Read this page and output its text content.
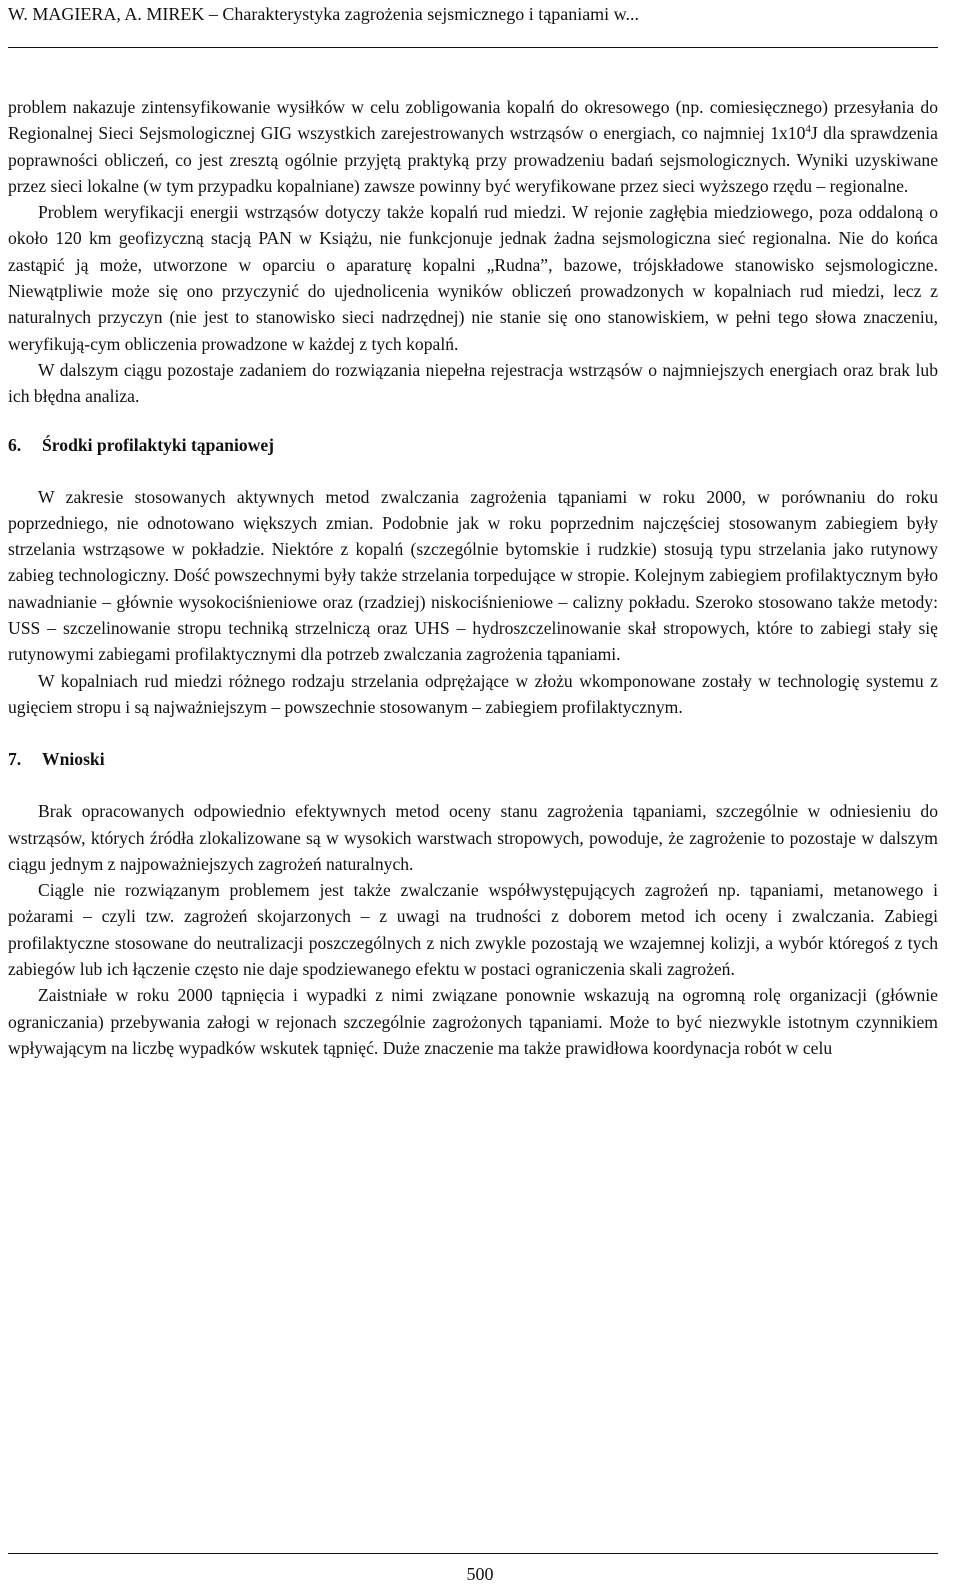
W. MAGIERA, A. MIREK – Charakterystyka zagrożenia sejsmicznego i tąpaniami w...

problem nakazuje zintensyfikowanie wysiłków w celu zobligowania kopalń do okresowego (np. comiesięcznego) przesyłania do Regionalnej Sieci Sejsmologicznej GIG wszystkich zarejestrowanych wstrząsów o energiach, co najmniej $1x10^4J$ dla sprawdzenia poprawności obliczeń, co jest zresztą ogólnie przyjętą praktyką przy prowadzeniu badań sejsmologicznych. Wyniki uzyskiwane przez sieci lokalne (w tym przypadku kopalniane) zawsze powinny być weryfikowane przez sieci wyższego rzędu – regionalne.

Problem weryfikacji energii wstrząsów dotyczy także kopalń rud miedzi. W rejonie zagłębia miedziowego, poza oddaloną o około 120 km geofizyczną stacją PAN w Książu, nie funkcjonuje jednak żadna sejsmologiczna sieć regionalna. Nie do końca zastąpić ją może, utworzone w oparciu o aparaturę kopalni „Rudna”, bazowe, trójskładowe stanowisko sejsmologiczne. Niewątpliwie może się ono przyczynić do ujednolicenia wyników obliczeń prowadzonych w kopalniach rud miedzi, lecz z naturalnych przyczyn (nie jest to stanowisko sieci nadrzędnej) nie stanie się ono stanowiskiem, w pełni tego słowa znaczeniu, weryfikują-cym obliczenia prowadzone w każdej z tych kopalń.

W dalszym ciągu pozostaje zadaniem do rozwiązania niepełna rejestracja wstrząsów o najmniejszych energiach oraz brak lub ich błędna analiza.

6. Środki profilaktyki tąpaniowej

W zakresie stosowanych aktywnych metod zwalczania zagrożenia tąpaniami w roku 2000, w porównaniu do roku poprzedniego, nie odnotowano większych zmian. Podobnie jak w roku poprzednim najczęściej stosowanym zabiegiem były strzelania wstrząsowe w pokładzie. Niektóre z kopalń (szczególnie bytomskie i rudzkie) stosują typu strzelania jako rutynowy zabieg technologiczny. Dość powszechnymi były także strzelania torpedujące w stropie. Kolejnym zabiegiem profilaktycznym było nawadnianie – głównie wysokociśnieniowe oraz (rzadziej) niskociśnieniowe – calizny pokładu. Szeroko stosowano także metody: USS – szczelinowanie stropu techniką strzelniczą oraz UHS – hydroszczelinowanie skał stropowych, które to zabiegi stały się rutynowymi zabiegami profilaktycznymi dla potrzeb zwalczania zagrożenia tąpaniami.

W kopalniach rud miedzi różnego rodzaju strzelania odprężające w złożu wkomponowane zostały w technologię systemu z ugięciem stropu i są najważniejszym – powszechnie stosowanym – zabiegiem profilaktycznym.

7. Wnioski

Brak opracowanych odpowiednio efektywnych metod oceny stanu zagrożenia tąpaniami, szczególnie w odniesieniu do wstrząsów, których źródła zlokalizowane są w wysokich warstwach stropowych, powoduje, że zagrożenie to pozostaje w dalszym ciągu jednym z najpoważniejszych zagrożeń naturalnych.

Ciągle nie rozwiązanym problemem jest także zwalczanie współwystępujących zagrożeń np. tąpaniami, metanowego i pożarami – czyli tzw. zagrożeń skojarzonych – z uwagi na trudności z doborem metod ich oceny i zwalczania. Zabiegi profilaktyczne stosowane do neutralizacji poszczególnych z nich zwykle pozostają we wzajemnej kolizji, a wybór któregoś z tych zabiegów lub ich łączenie często nie daje spodziewanego efektu w postaci ograniczenia skali zagrożeń.

Zaistniałe w roku 2000 tąpnięcia i wypadki z nimi związane ponownie wskazują na ogromną rolę organizacji (głównie ograniczania) przebywania załogi w rejonach szczególnie zagrożonych tąpaniami. Może to być niezwykle istotnym czynnikiem wpływającym na liczbę wypadków wskutek tąpnięć. Duże znaczenie ma także prawidłowa koordynacja robót w celu

500
